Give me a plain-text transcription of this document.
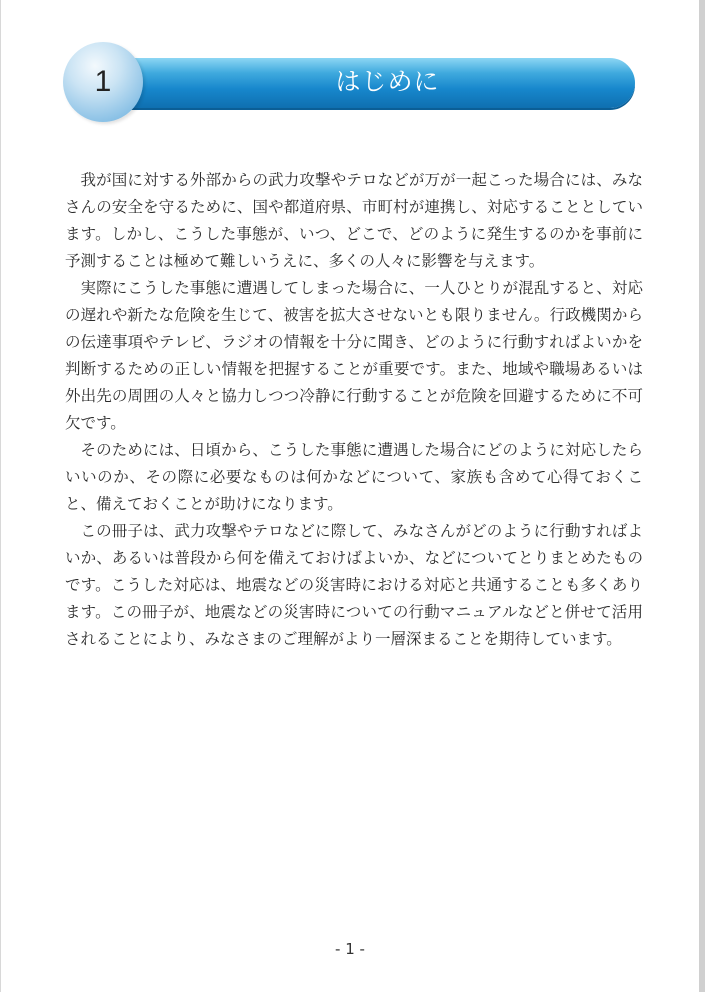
はじめに
1

我が国に対する外部からの武力攻撃やテロなどが万が一起こった場合には、みなさんの安全を守るために、国や都道府県、市町村が連携し、対応することとしています。しかし、こうした事態が、いつ、どこで、どのように発生するのかを事前に予測することは極めて難しいうえに、多くの人々に影響を与えます。

実際にこうした事態に遭遇してしまった場合に、一人ひとりが混乱すると、対応の遅れや新たな危険を生じて、被害を拡大させないとも限りません。行政機関からの伝達事項やテレビ、ラジオの情報を十分に聞き、どのように行動すればよいかを判断するための正しい情報を把握することが重要です。また、地域や職場あるいは外出先の周囲の人々と協力しつつ冷静に行動することが危険を回避するために不可欠です。

そのためには、日頃から、こうした事態に遭遇した場合にどのように対応したらいいのか、その際に必要なものは何かなどについて、家族も含めて心得ておくこと、備えておくことが助けになります。

この冊子は、武力攻撃やテロなどに際して、みなさんがどのように行動すればよいか、あるいは普段から何を備えておけばよいか、などについてとりまとめたものです。こうした対応は、地震などの災害時における対応と共通することも多くあります。この冊子が、地震などの災害時についての行動マニュアルなどと併せて活用されることにより、みなさまのご理解がより一層深まることを期待しています。

- 1 -
